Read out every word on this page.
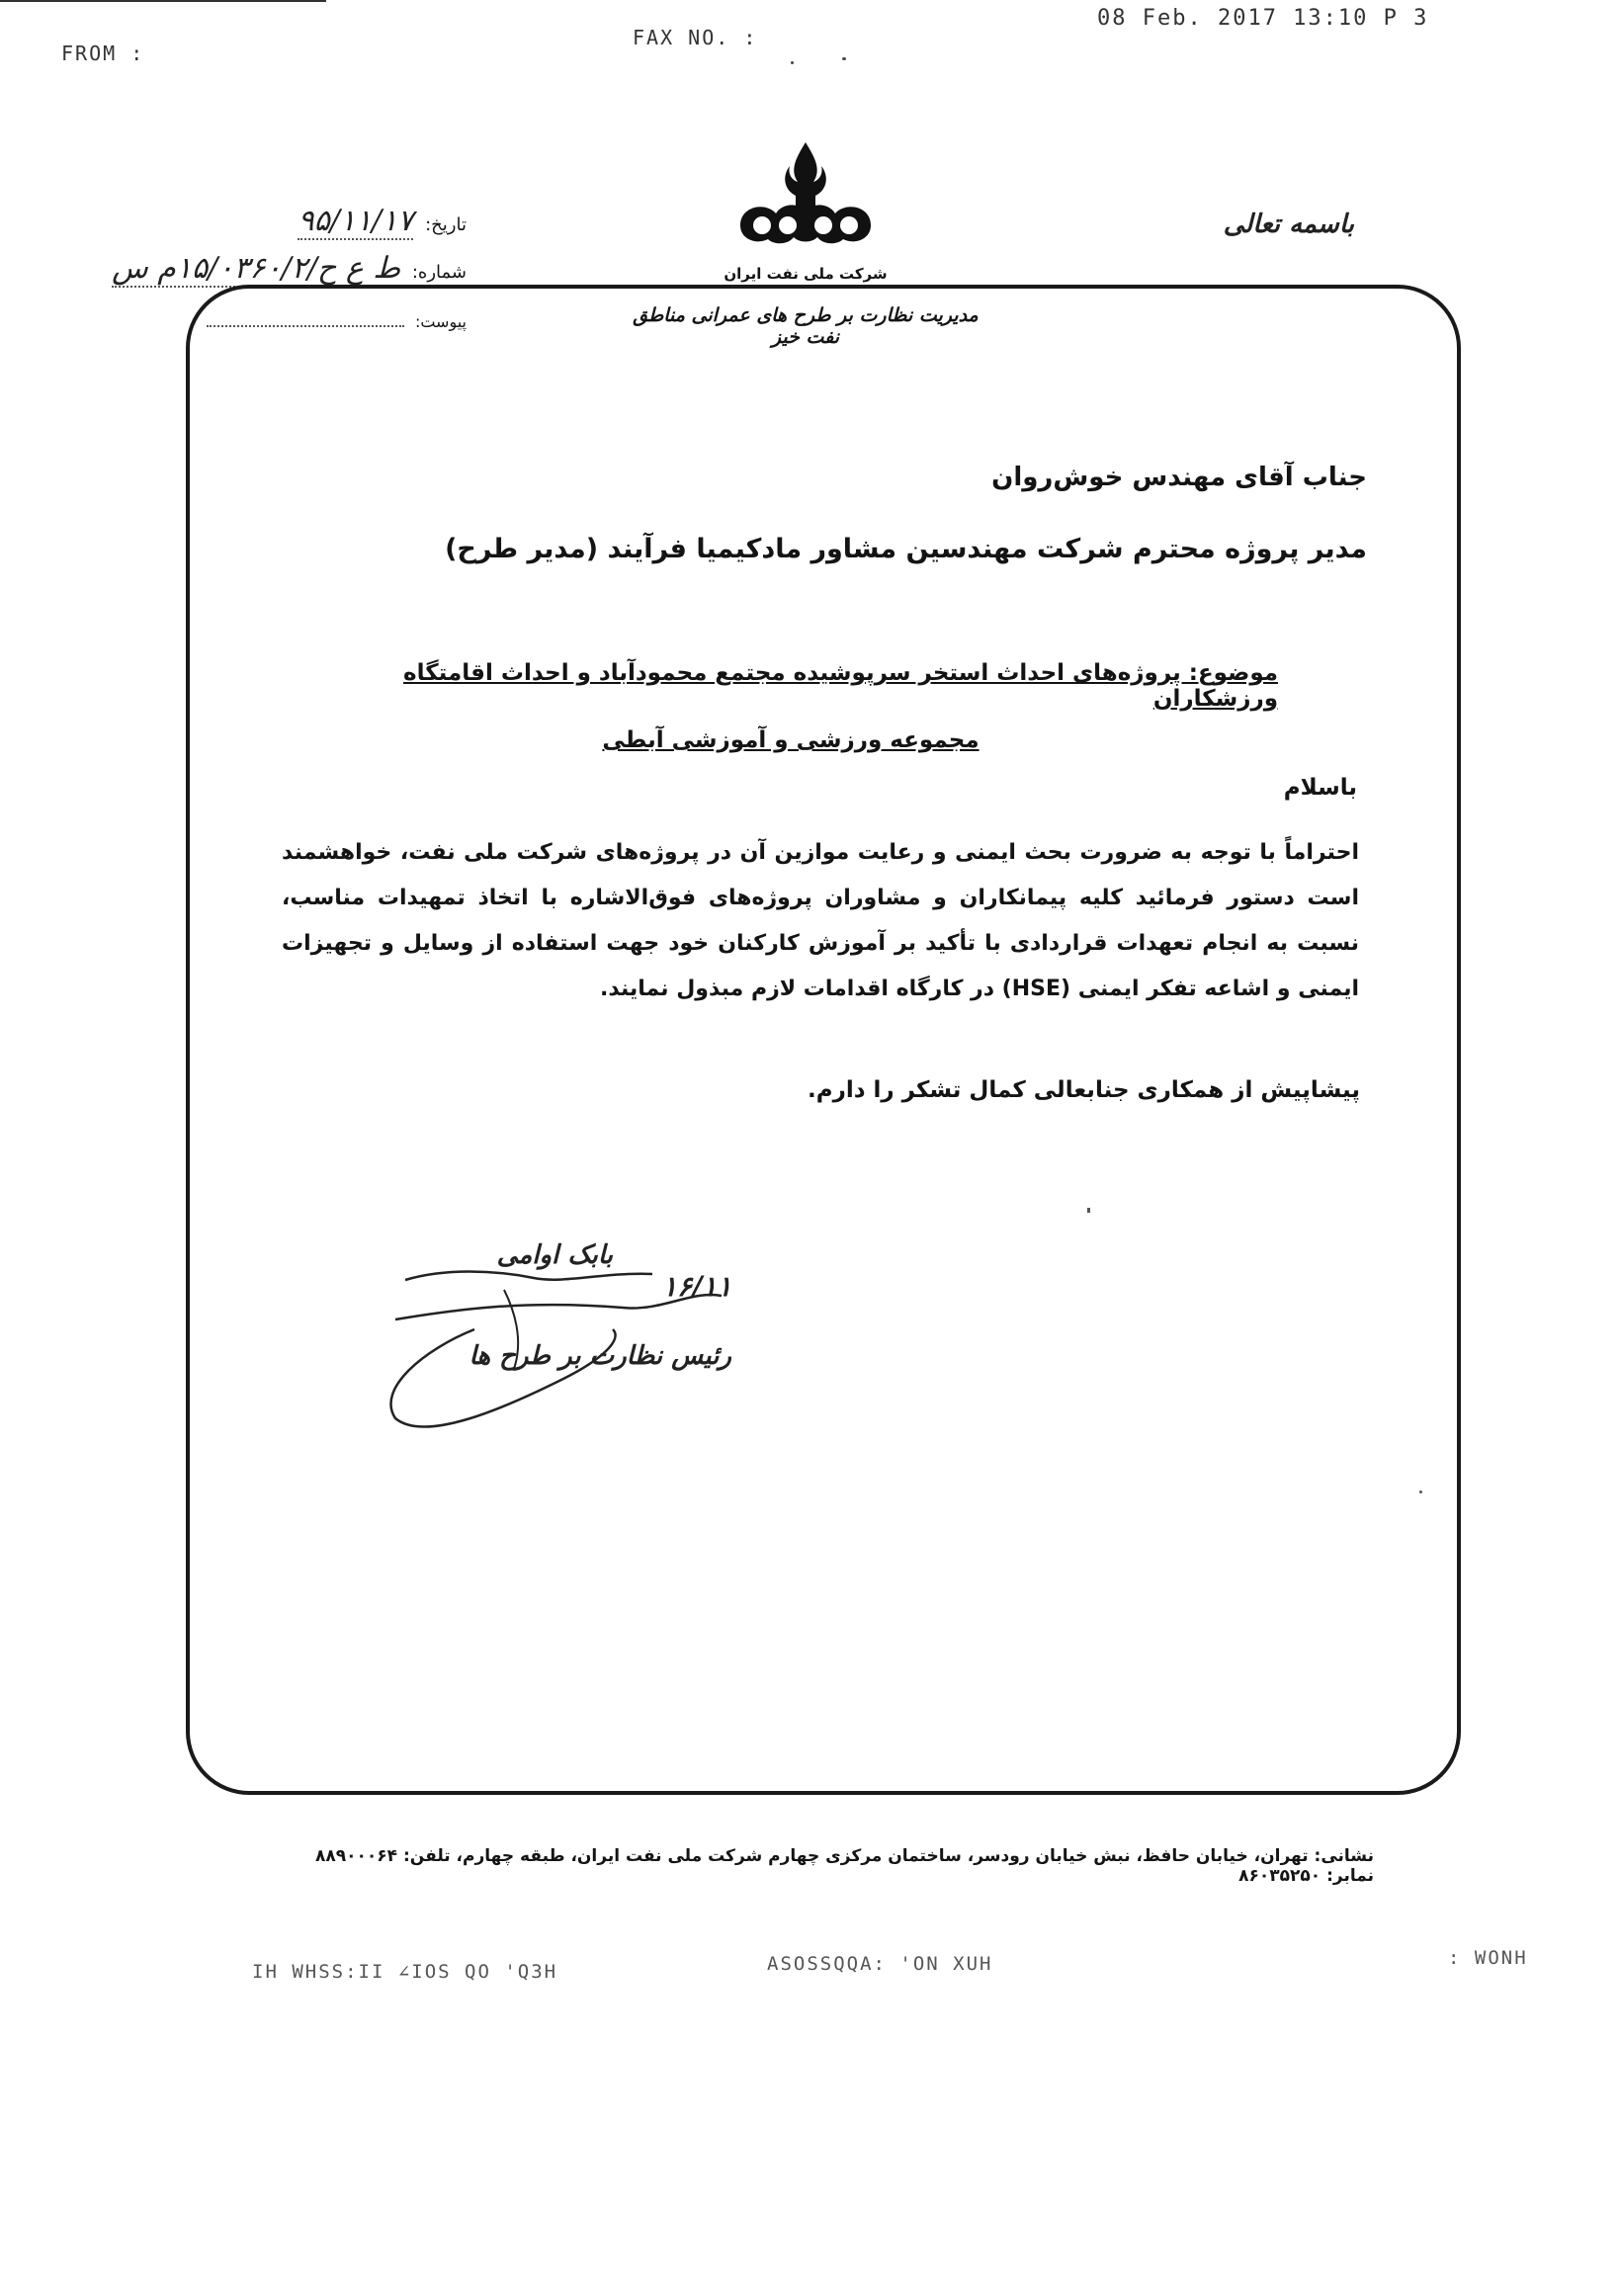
FROM :
FAX NO. :
08 Feb. 2017 13:10 P 3
باسمه تعالی
شرکت ملی نفت ایران
مدیریت نظارت بر طرح های عمرانی مناطق نفت خیز
تاریخ: ۹۵/۱۱/۱۷
شماره: ط ع ح/۱۵/۰۳۶۰/۲م س
پیوست:
جناب آقای مهندس خوش‌روان
مدیر پروژه محترم شرکت مهندسین مشاور مادکیمیا فرآیند (مدیر طرح)
موضوع: پروژه‌های احداث استخر سرپوشیده مجتمع محمودآباد و احداث اقامتگاه ورزشکاران
مجموعه ورزشی و آموزشی آبطی
باسلام
احتراماً با توجه به ضرورت بحث ایمنی و رعایت موازین آن در پروژه‌های شرکت ملی نفت، خواهشمند است دستور فرمائید کلیه پیمانکاران و مشاوران پروژه‌های فوق‌الاشاره با اتخاذ تمهیدات مناسب، نسبت به انجام تعهدات قراردادی با تأکید بر آموزش کارکنان خود جهت استفاده از وسایل و تجهیزات ایمنی و اشاعه تفکر ایمنی (HSE) در کارگاه اقدامات لازم مبذول نمایند.
پیشاپیش از همکاری جنابعالی کمال تشکر را دارم.
بابک اوامی
۱۶/۱۱
رئیس نظارت بر طرح ها
نشانی: تهران، خیابان حافظ، نبش خیابان رودسر، ساختمان مرکزی چهارم شرکت ملی نفت ایران، طبقه چهارم، تلفن: ۸۸۹۰۰۰۶۴ نمابر: ۸۶۰۳۵۲۵۰
IH WHSS:II ∠IOS QO 'Q3H	ASOSSQQA: 'ON XUH	: WONH
